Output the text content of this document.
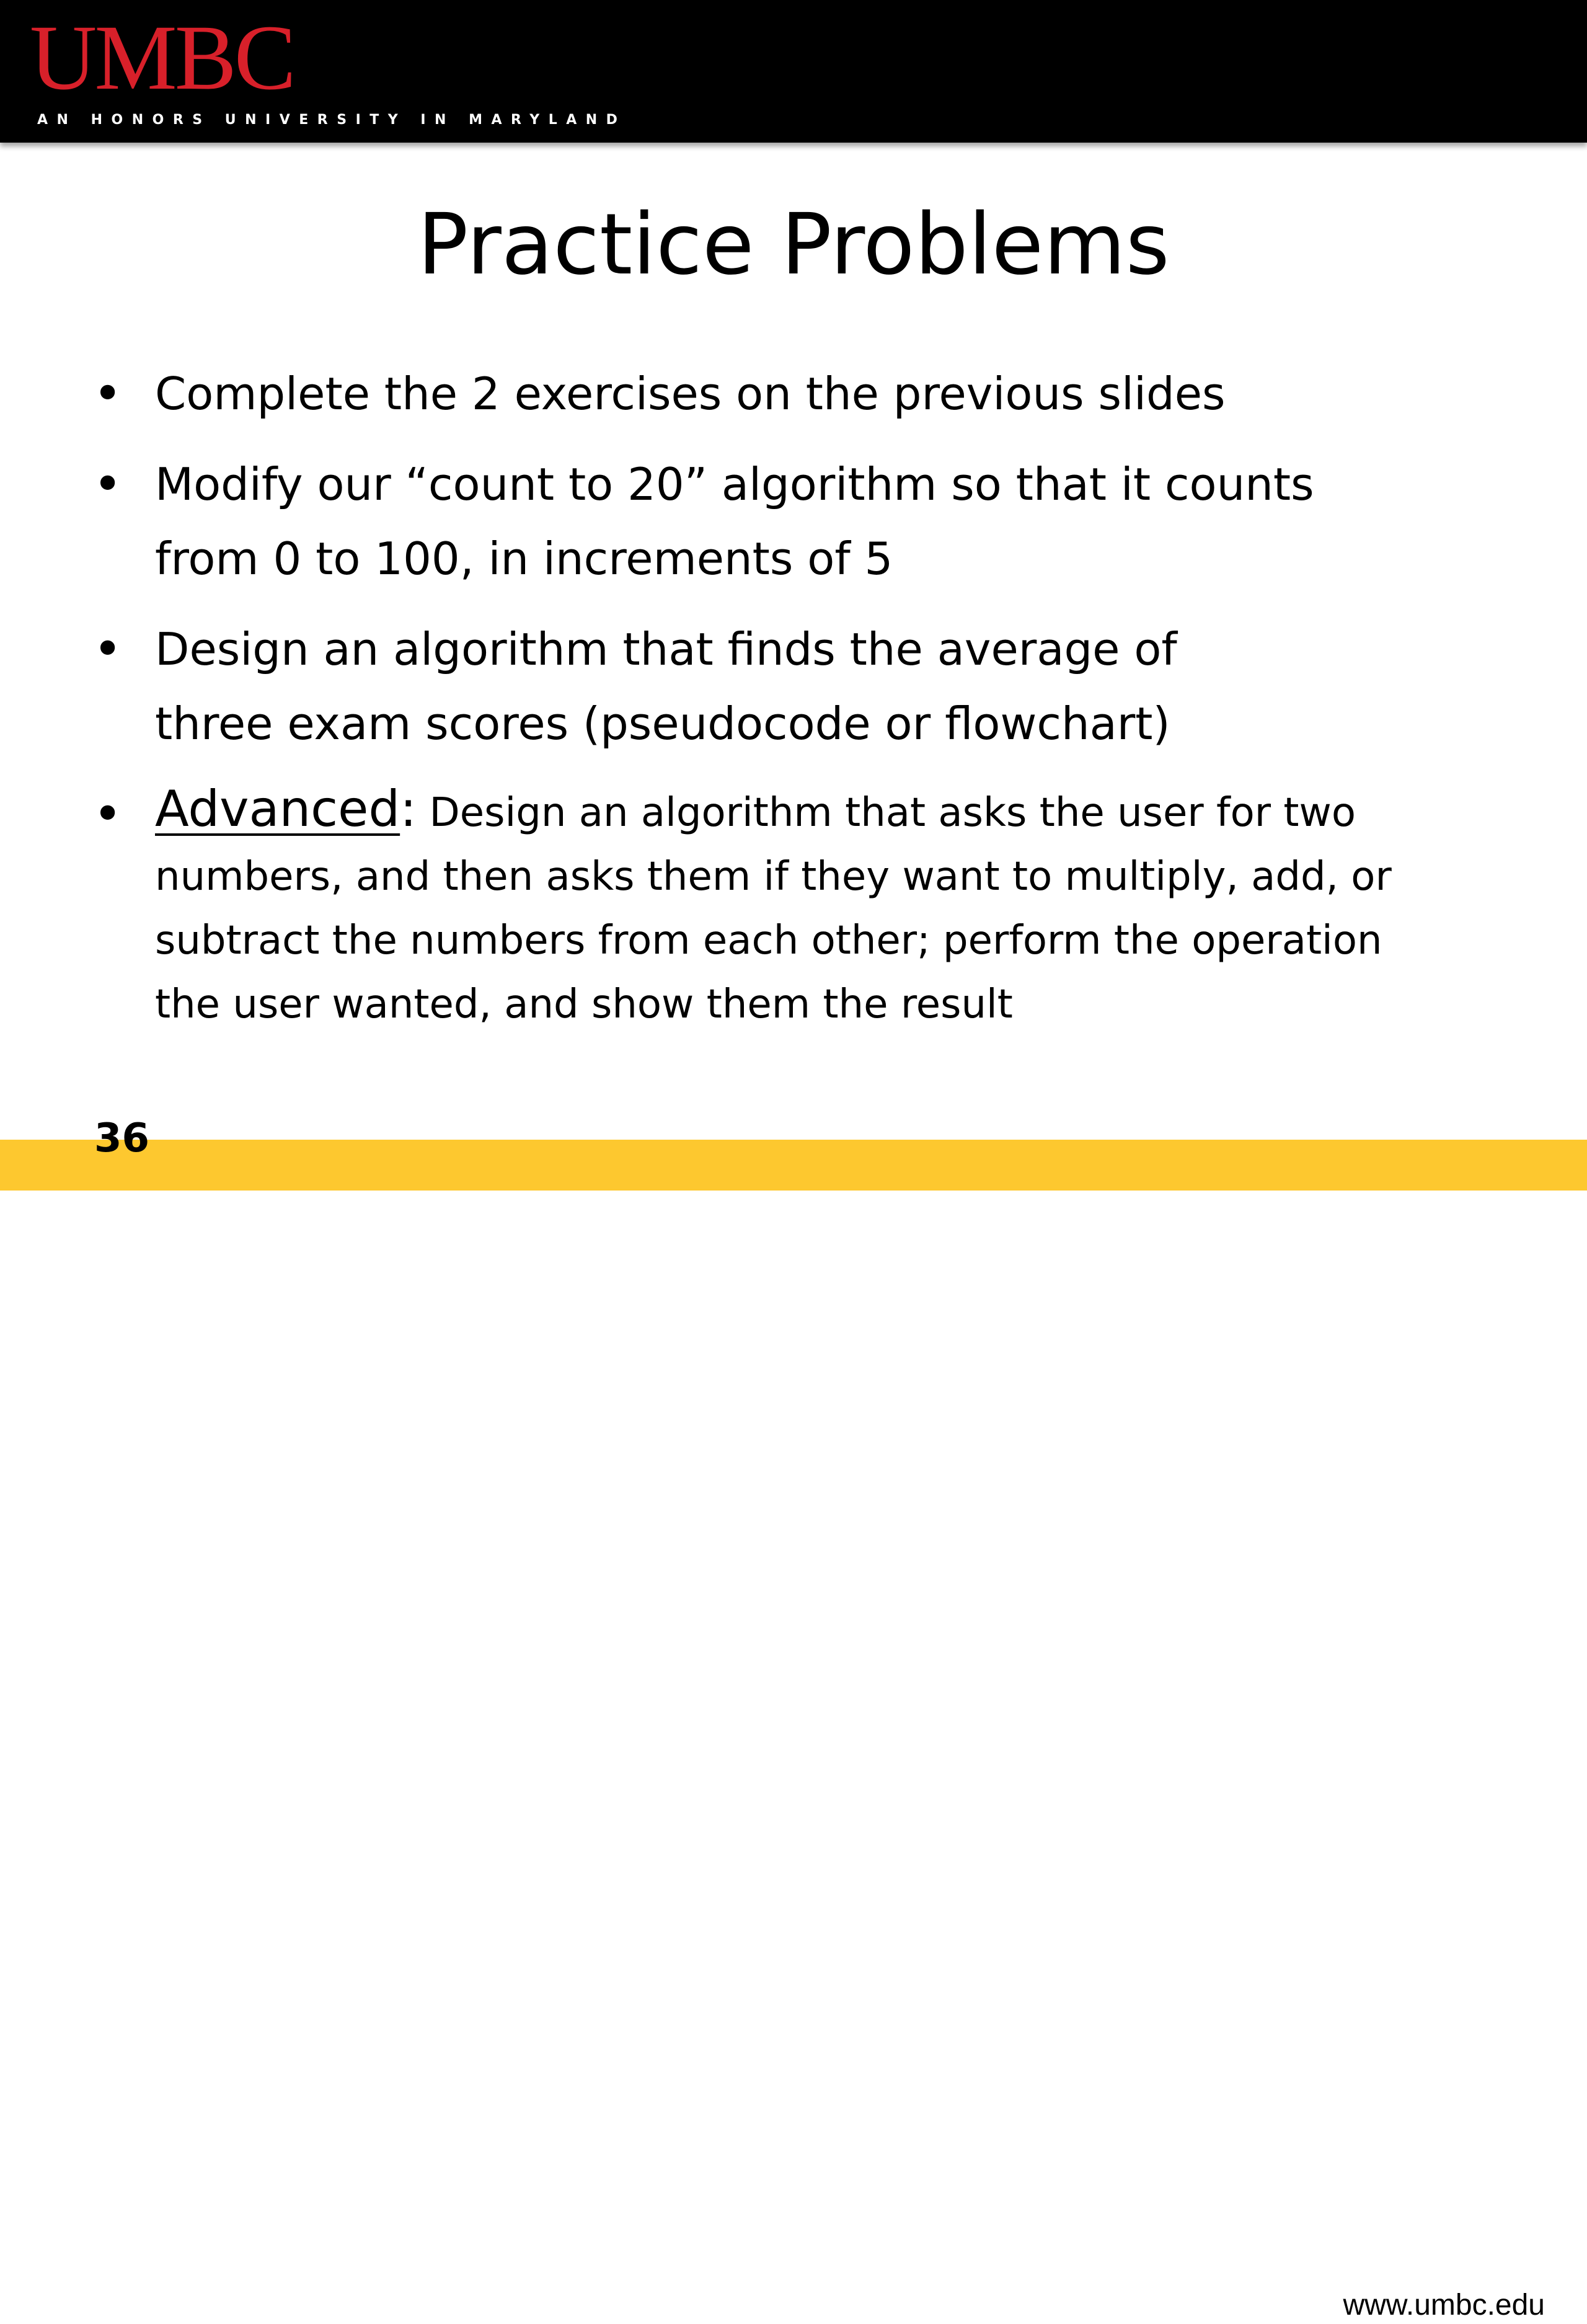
UMBC
AN HONORS UNIVERSITY IN MARYLAND
Practice Problems
• Complete the 2 exercises on the previous slides
• Modify our “count to 20” algorithm so that it counts
from 0 to 100, in increments of 5
• Design an algorithm that finds the average of
three exam scores (pseudocode or flowchart)
• Advanced: Design an algorithm that asks the user for two
numbers, and then asks them if they want to multiply, add, or
subtract the numbers from each other; perform the operation
the user wanted, and show them the result
www.umbc.edu
36
